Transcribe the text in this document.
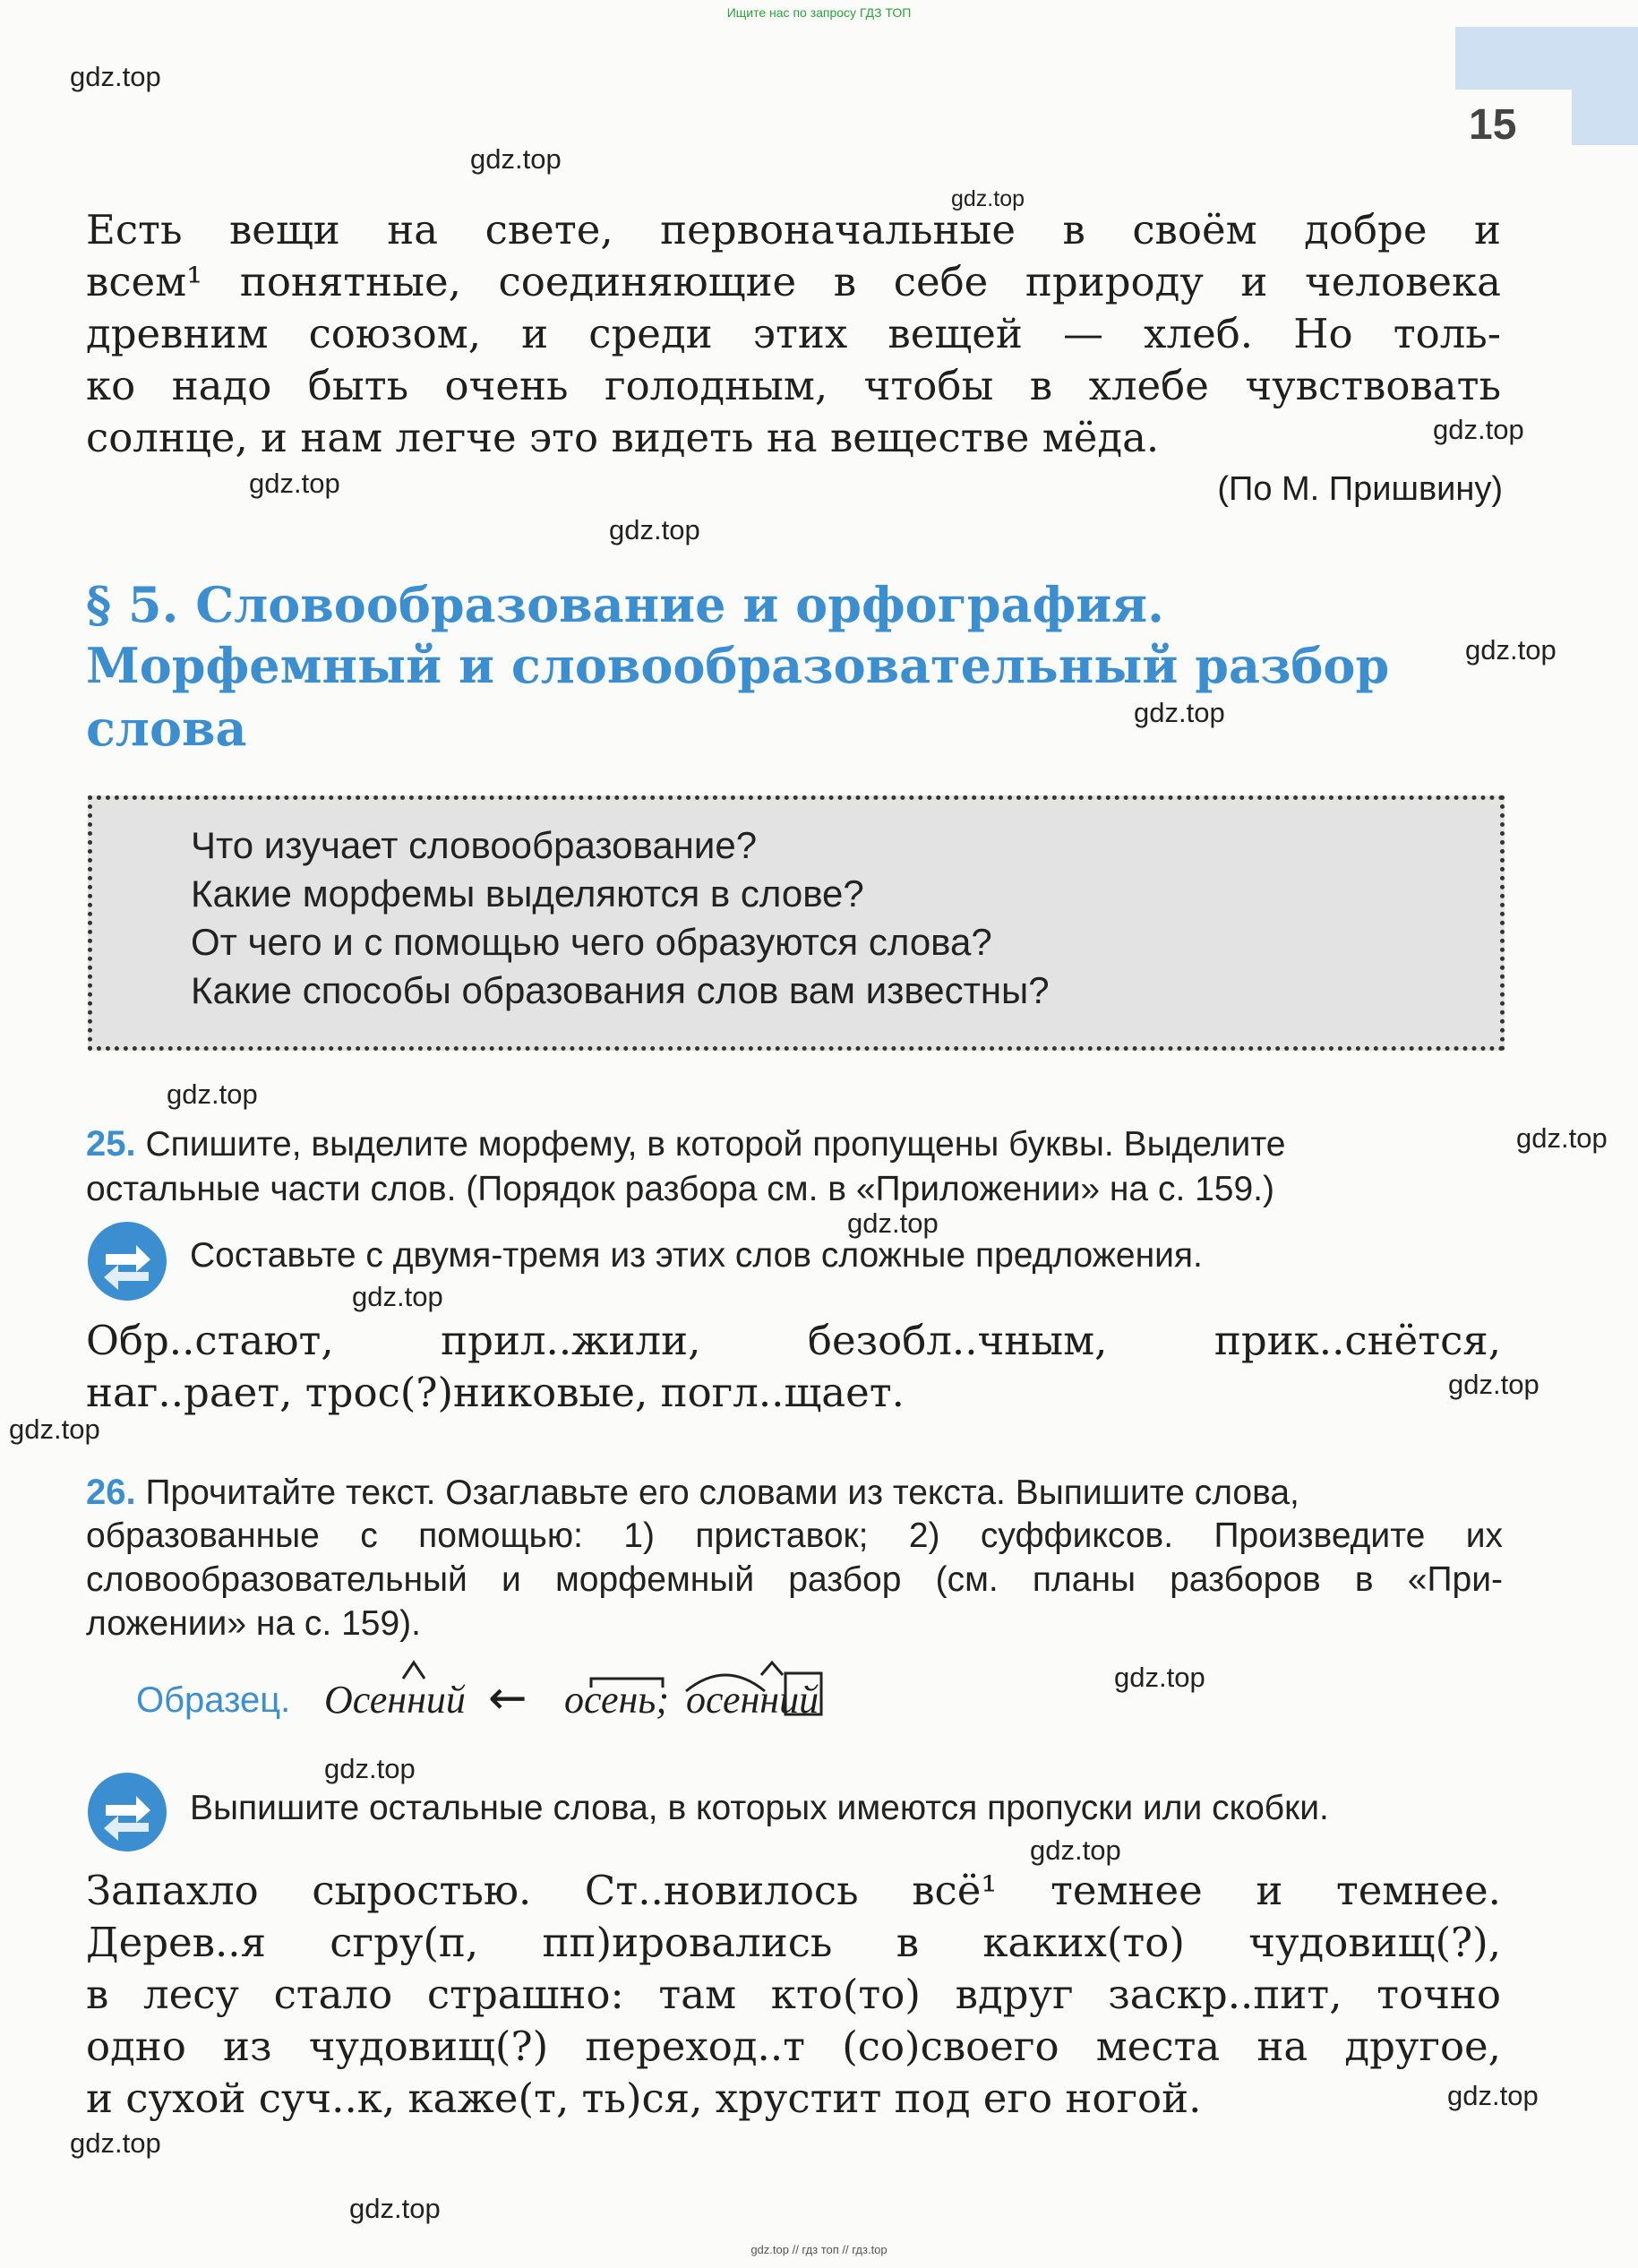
Ищите нас по запросу ГДЗ ТОП
15
Есть вещи на свете, первоначальные в своём добре и
всем¹ понятные, соединяющие в себе природу и человека
древним союзом, и среди этих вещей — хлеб. Но толь-
ко надо быть очень голодным, чтобы в хлебе чувствовать
солнце, и нам легче это видеть на веществе мёда.
(По М. Пришвину)
§ 5. Словообразование и орфография.
Морфемный и словообразовательный разбор
слова
Что изучает словообразование?
Какие морфемы выделяются в слове?
От чего и с помощью чего образуются слова?
Какие способы образования слов вам известны?
25. Спишите, выделите морфему, в которой пропущены буквы. Выделите
остальные части слов. (Порядок разбора см. в «Приложении» на с. 159.)
Составьте с двумя-тремя из этих слов сложные предложения.
Обр..стают, прил..жили, безобл..чным, прик..снётся,
наг..рает, трос(?)никовые, погл..щает.
26. Прочитайте текст. Озаглавьте его словами из текста. Выпишите слова,
образованные с помощью: 1) приставок; 2) суффиксов. Произведите их
словообразовательный и морфемный разбор (см. планы разборов в «При-
ложении» на с. 159).
Образец. Осенний ← осень; осенний
Выпишите остальные слова, в которых имеются пропуски или скобки.
Запахло сыростью. Ст..новилось всё¹ темнее и темнее.
Дерев..я сгру(п, пп)ировались в каких(то) чудовищ(?),
в лесу стало страшно: там кто(то) вдруг заскр..пит, точно
одно из чудовищ(?) переход..т (со)своего места на другое,
и сухой суч..к, каже(т, ть)ся, хрустит под его ногой.
gdz.top
gdz.top
gdz.top
gdz.top
gdz.top
gdz.top
gdz.top
gdz.top
gdz.top
gdz.top
gdz.top
gdz.top
gdz.top
gdz.top
gdz.top
gdz.top
gdz.top
gdz.top
gdz.top
gdz.top
gdz.top // гдз топ // гдз.top
